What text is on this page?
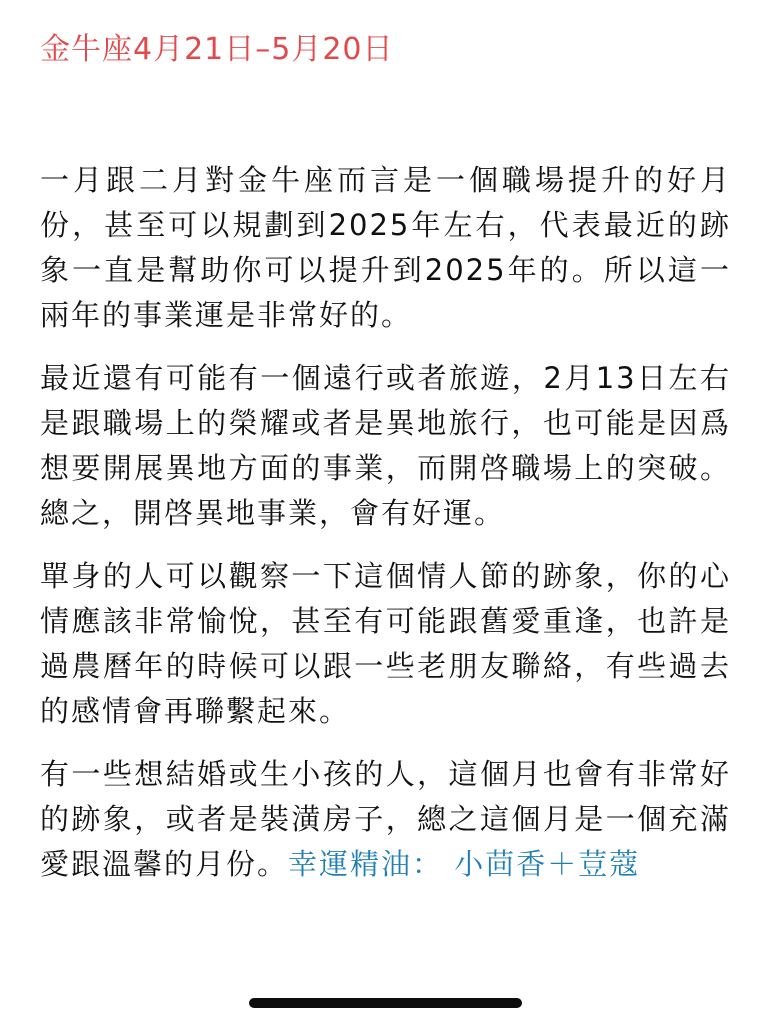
金牛座4月21日–5月20日

一月跟二月對金牛座而言是一個職場提升的好月份，甚至可以規劃到2025年左右，代表最近的跡象一直是幫助你可以提升到2025年的。所以這一兩年的事業運是非常好的。

最近還有可能有一個遠行或者旅遊，2月13日左右是跟職場上的榮耀或者是異地旅行，也可能是因爲想要開展異地方面的事業，而開啓職場上的突破。總之，開啓異地事業，會有好運。

單身的人可以觀察一下這個情人節的跡象，你的心情應該非常愉悅，甚至有可能跟舊愛重逢，也許是過農曆年的時候可以跟一些老朋友聯絡，有些過去的感情會再聯繫起來。

有一些想結婚或生小孩的人，這個月也會有非常好的跡象，或者是裝潢房子，總之這個月是一個充滿愛跟溫馨的月份。幸運精油： 小茴香＋荳蔻
